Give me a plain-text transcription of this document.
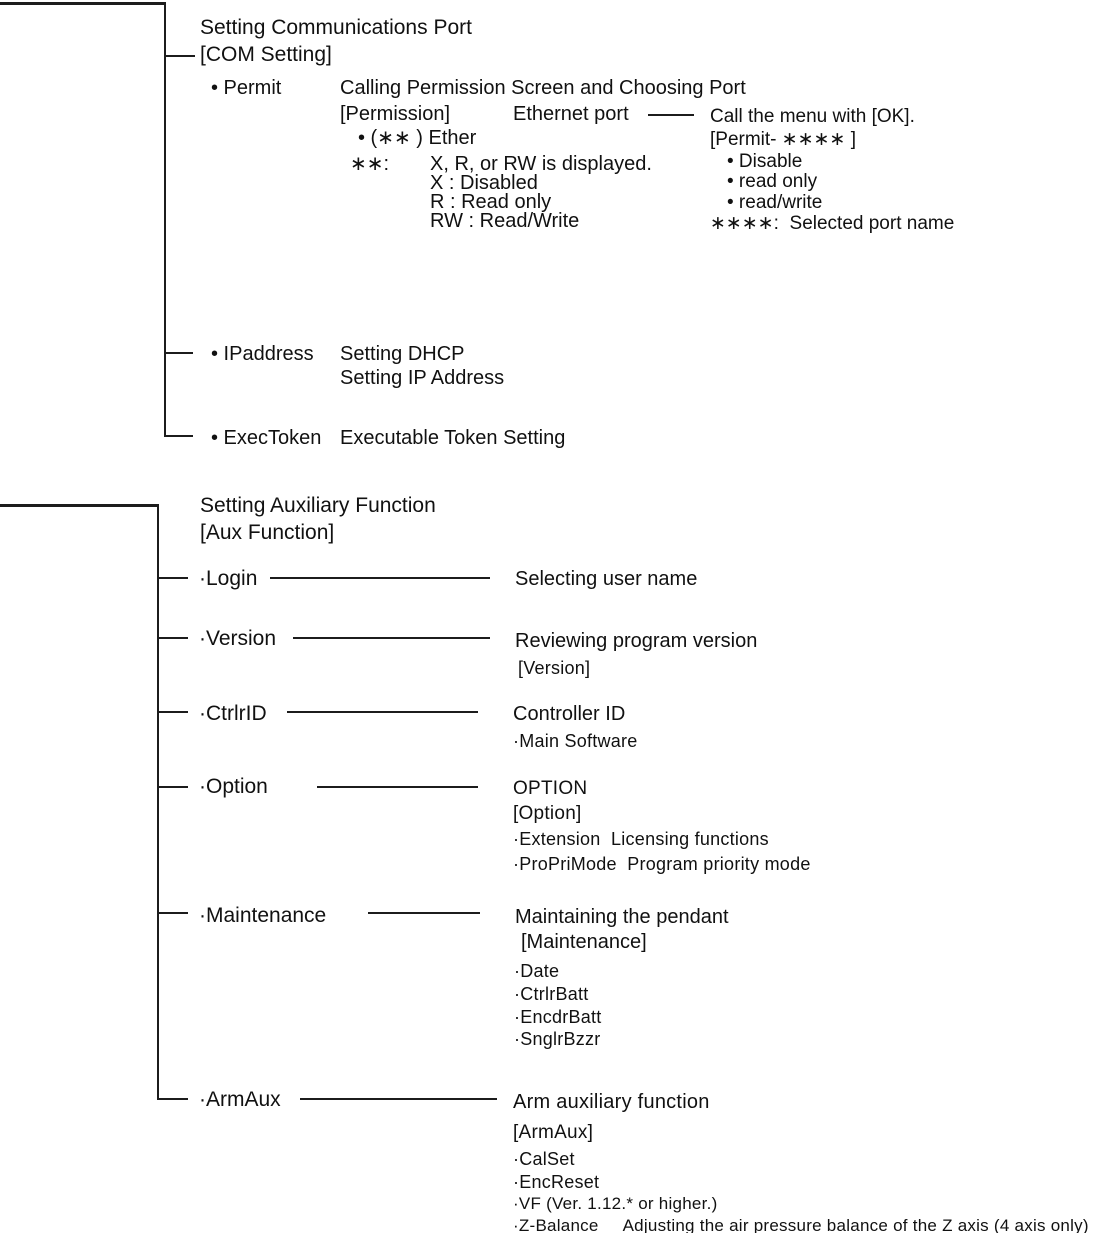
Setting Communications Port
[COM Setting]
• Permit	Calling Permission Screen and Choosing Port
[Permission]
• (∗∗ ) Ether
∗∗: X, R, or RW is displayed.
X : Disabled
R : Read only
RW : Read/Write
Ethernet port	Call the menu with [OK].
[Permit- ∗∗∗∗ ]
• Disable
• read only
• read/write
∗∗∗∗:  Selected port name
• IPaddress Setting DHCP
Setting IP Address
• ExecToken Executable Token Setting
Setting Auxiliary Function
[Aux Function]
·Login	Selecting user name
·Version	Reviewing program version
[Version]
·CtrlrID	Controller ID
·Main Software
·Option	OPTION
[Option]
·Extension  Licensing functions
·ProPriMode  Program priority mode
·Maintenance	Maintaining the pendant
[Maintenance]
·Date
·CtrlrBatt
·EncdrBatt
·SnglrBzzr
·ArmAux	Arm auxiliary function
[ArmAux]
·CalSet
·EncReset
·VF (Ver. 1.12.* or higher.)
·Z-Balance     Adjusting the air pressure balance of the Z axis (4 axis only)
